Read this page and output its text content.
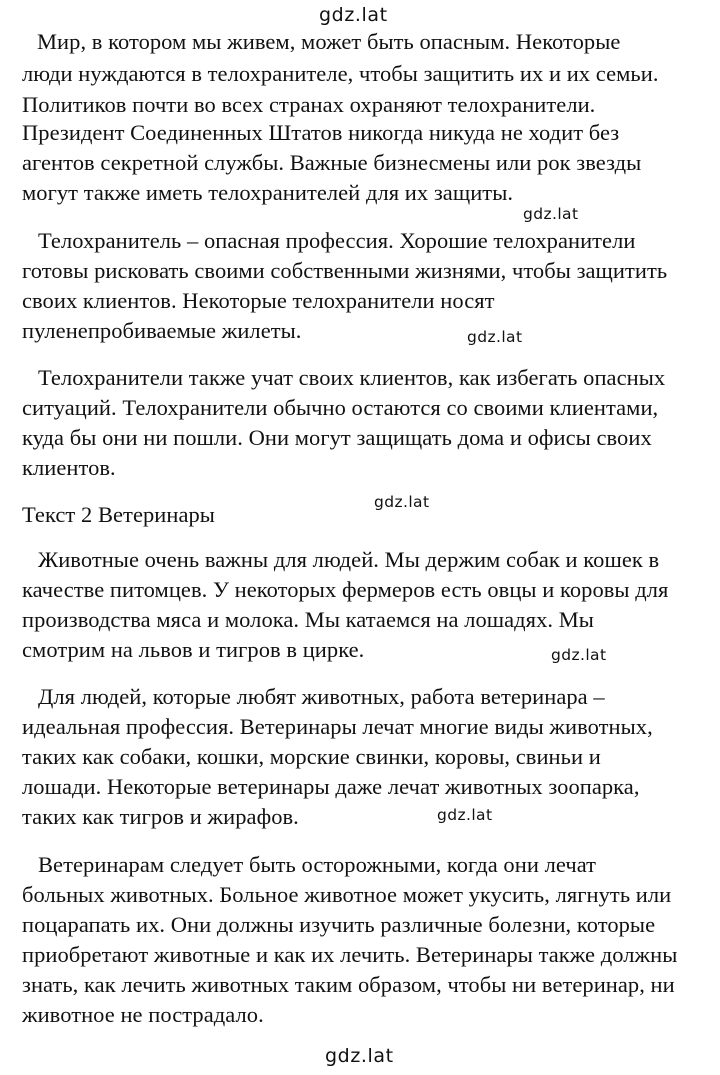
Мир, в котором мы живем, может быть опасным. Некоторые
люди нуждаются в телохранителе, чтобы защитить их и их семьи.
Политиков почти во всех странах охраняют телохранители.
Президент Соединенных Штатов никогда никуда не ходит без
агентов секретной службы. Важные бизнесмены или рок звезды
могут также иметь телохранителей для их защиты.
Телохранитель – опасная профессия. Хорошие телохранители
готовы рисковать своими собственными жизнями, чтобы защитить
своих клиентов. Некоторые телохранители носят
пуленепробиваемые жилеты.
Телохранители также учат своих клиентов, как избегать опасных
ситуаций. Телохранители обычно остаются со своими клиентами,
куда бы они ни пошли. Они могут защищать дома и офисы своих
клиентов.
Текст 2 Ветеринары
Животные очень важны для людей. Мы держим собак и кошек в
качестве питомцев. У некоторых фермеров есть овцы и коровы для
производства мяса и молока. Мы катаемся на лошадях. Мы
смотрим на львов и тигров в цирке.
Для людей, которые любят животных, работа ветеринара –
идеальная профессия. Ветеринары лечат многие виды животных,
таких как собаки, кошки, морские свинки, коровы, свиньи и
лошади. Некоторые ветеринары даже лечат животных зоопарка,
таких как тигров и жирафов.
Ветеринарам следует быть осторожными, когда они лечат
больных животных. Больное животное может укусить, лягнуть или
поцарапать их. Они должны изучить различные болезни, которые
приобретают животные и как их лечить. Ветеринары также должны
знать, как лечить животных таким образом, чтобы ни ветеринар, ни
животное не пострадало.
gdz.lat
gdz.lat
gdz.lat
gdz.lat
gdz.lat
gdz.lat
gdz.lat
